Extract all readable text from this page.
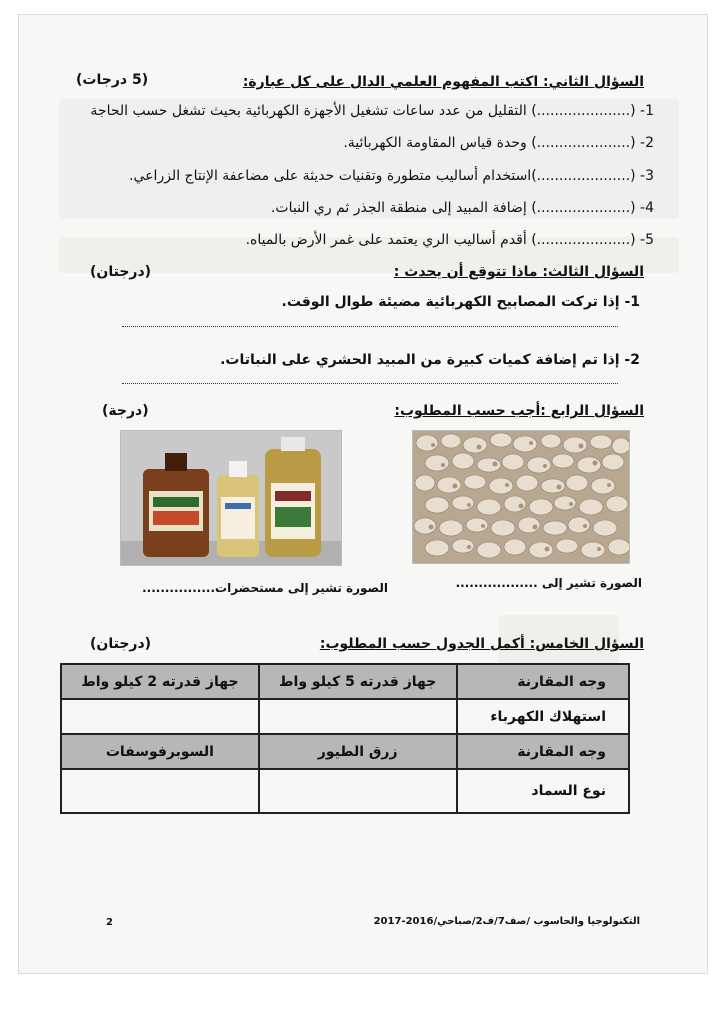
السؤال الثاني: اكتب المفهوم العلمي الدال على كل عبارة:
(5 درجات)
1- (.....................) التقليل من عدد ساعات تشغيل الأجهزة الكهربائية بحيث تشغل حسب الحاجة
2- (.....................) وحدة قياس المقاومة الكهربائية.
3- (.....................)استخدام أساليب متطورة وتقنيات حديثة على مضاعفة الإنتاج الزراعي.
4- (.....................) إضافة المبيد إلى منطقة الجذر ثم ري النبات.
5- (.....................) أقدم أساليب الري يعتمد على غمر الأرض بالمياه.
السؤال الثالث: ماذا تتوقع أن يحدث :
(درجتان)
1- إذا تركت المصابيح الكهربائية مضيئة طوال الوقت.
2- إذا تم إضافة كميات كبيرة من المبيد الحشري على النباتات.
السؤال الرابع :أجب حسب المطلوب:
(درجة)
الصورة تشير إلى ..................
الصورة تشير إلى مستحضرات................
السؤال الخامس: أكمل الجدول حسب المطلوب:
(درجتان)
وجه المقارنة	جهاز قدرته 5 كيلو واط	جهاز قدرته 2 كيلو واط
استهلاك الكهرباء		
وجه المقارنة	زرق الطيور	السوبرفوسفات
نوع السماد		
التكنولوجيا والحاسوب /صف7/ف2/صباحي/2016-2017
2
